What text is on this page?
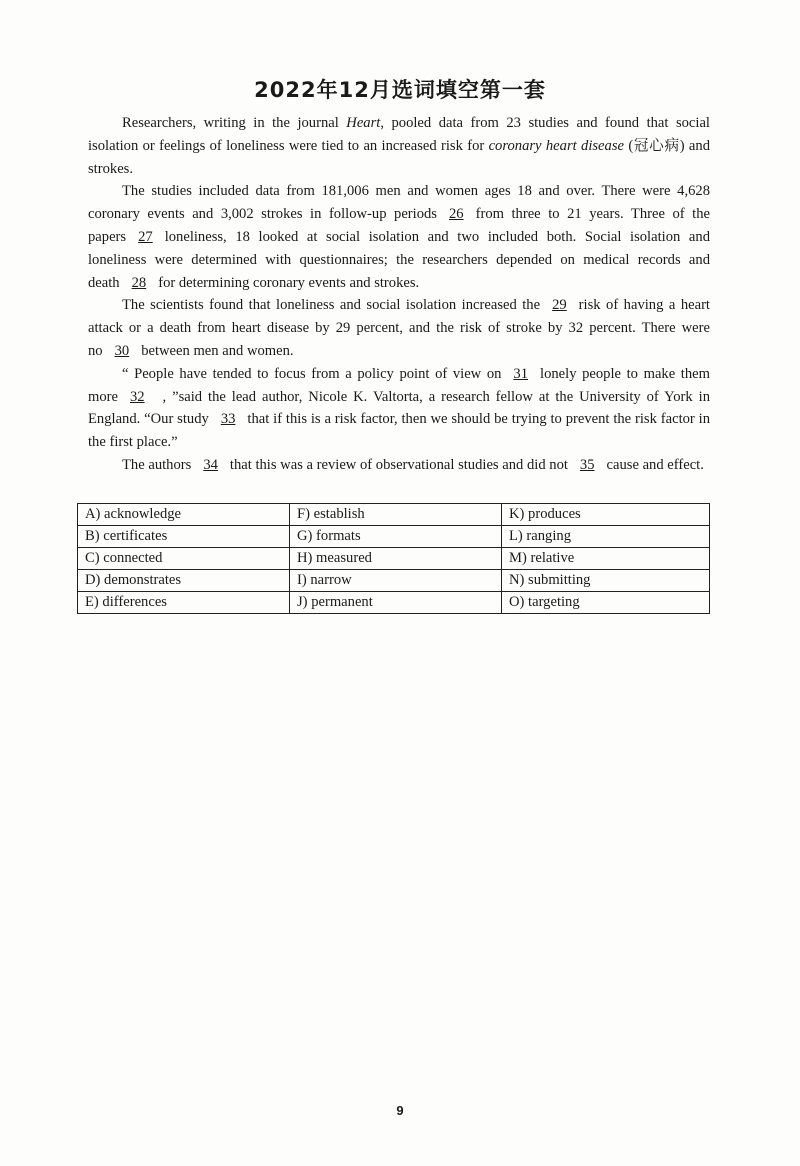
2022年12月选词填空第一套

Researchers, writing in the journal Heart, pooled data from 23 studies and found that social isolation or feelings of loneliness were tied to an increased risk for coronary heart disease (冠心病) and strokes.

The studies included data from 181,006 men and women ages 18 and over. There were 4,628 coronary events and 3,002 strokes in follow-up periods 26 from three to 21 years. Three of the papers 27 loneliness, 18 looked at social isolation and two included both. Social isolation and loneliness were determined with questionnaires; the researchers depended on medical records and death 28 for determining coronary events and strokes.

The scientists found that loneliness and social isolation increased the 29 risk of having a heart attack or a death from heart disease by 29 percent, and the risk of stroke by 32 percent. There were no 30 between men and women.

“ People have tended to focus from a policy point of view on 31 lonely people to make them more 32 , ”said the lead author, Nicole K. Valtorta, a research fellow at the University of York in England. “Our study 33 that if this is a risk factor, then we should be trying to prevent the risk factor in the first place.”

The authors 34 that this was a review of observational studies and did not 35 cause and effect.

A) acknowledge	F) establish	K) produces
B) certificates	G) formats	L) ranging
C) connected	H) measured	M) relative
D) demonstrates	I) narrow	N) submitting
E) differences	J) permanent	O) targeting
9
